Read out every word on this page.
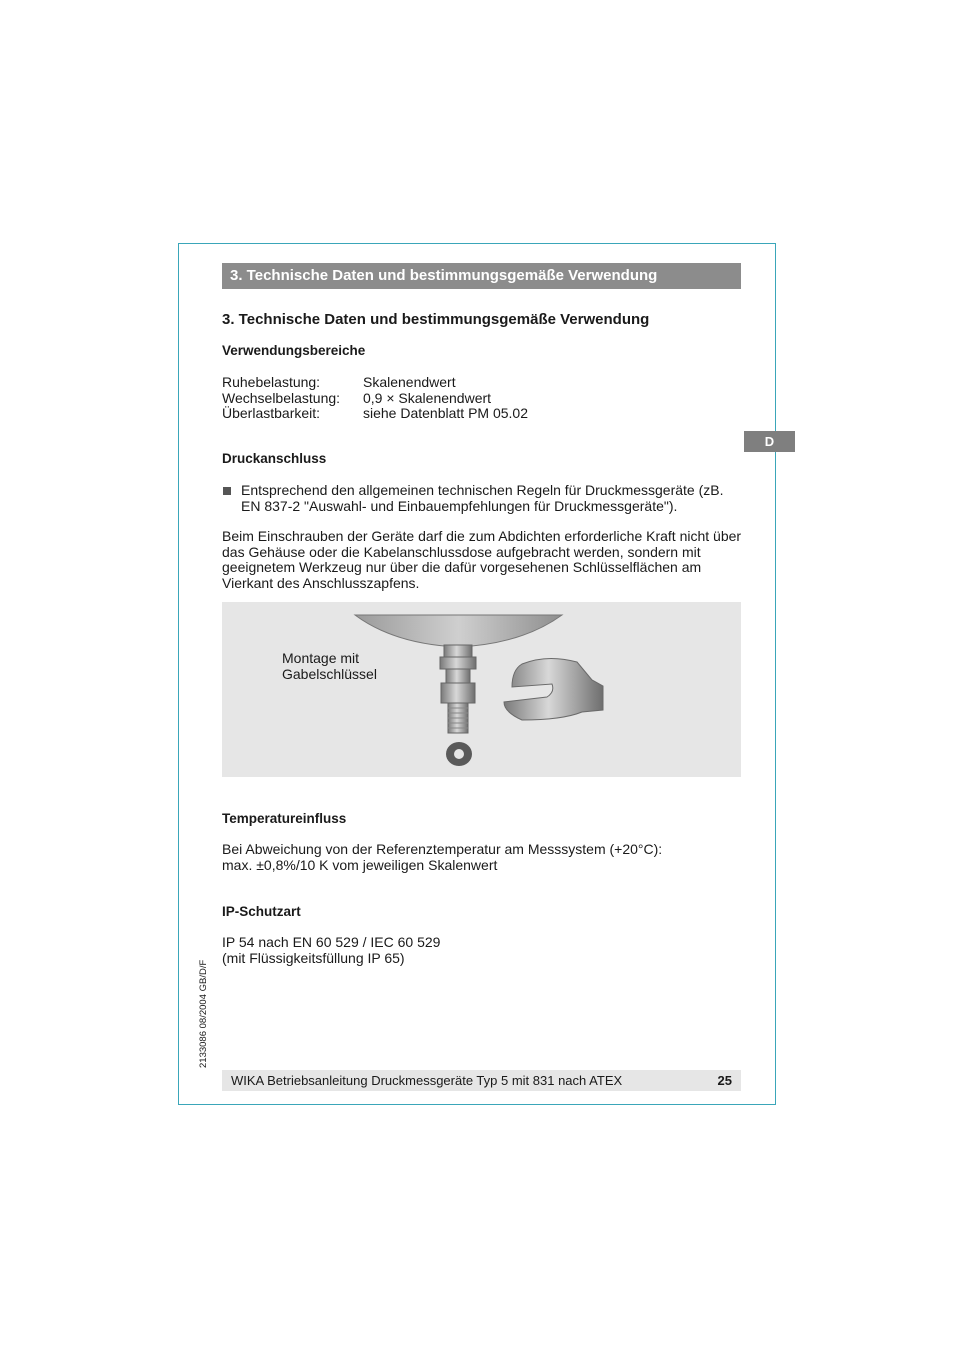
3. Technische Daten und bestimmungsgemäße Verwendung
D
3. Technische Daten und bestimmungsgemäße Verwendung
Verwendungsbereiche
Ruhebelastung:	Skalenendwert
Wechselbelastung: 0,9 × Skalenendwert
Überlastbarkeit:	siehe Datenblatt PM 05.02
Druckanschluss
Entsprechend den allgemeinen technischen Regeln für Druckmessgeräte (zB. EN 837-2 "Auswahl- und Einbauempfehlungen für Druckmessgeräte").
Beim Einschrauben der Geräte darf die zum Abdichten erforderliche Kraft nicht über das Gehäuse oder die Kabelanschlussdose aufgebracht werden, sondern mit geeignetem Werkzeug nur über die dafür vorgesehenen Schlüsselflächen am Vierkant des Anschlusszapfens.
Montage mit
Gabelschlüssel
Temperatureinfluss
Bei Abweichung von der Referenztemperatur am Messsystem (+20°C):
max. ±0,8%/10 K vom jeweiligen Skalenwert
IP-Schutzart
IP 54 nach EN 60 529 / IEC 60 529
(mit Flüssigkeitsfüllung IP 65)
2133086 08/2004 GB/D/F
WIKA Betriebsanleitung Druckmessgeräte Typ 5 mit 831 nach ATEX	25
